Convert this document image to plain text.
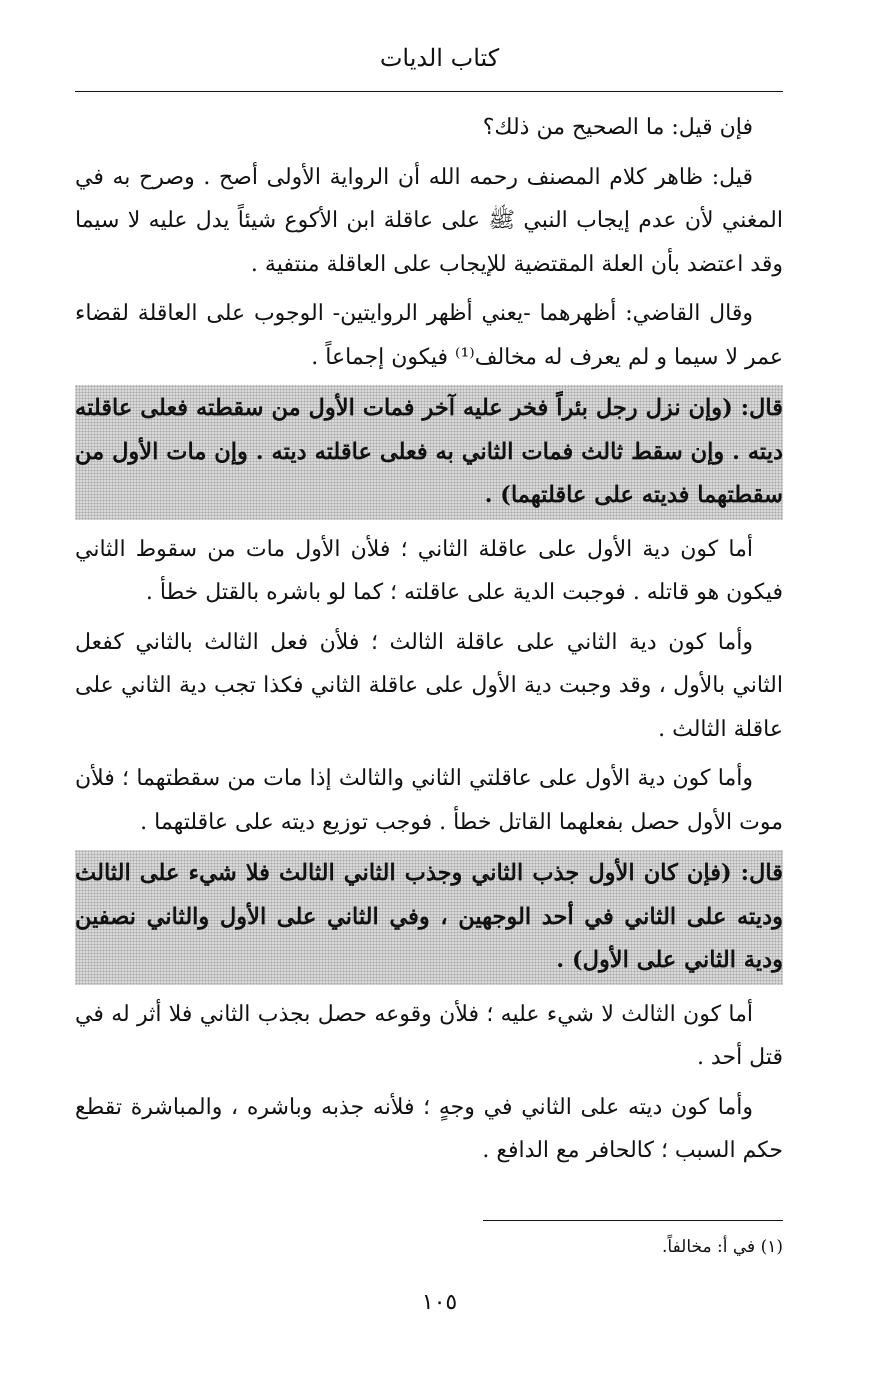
كتاب الديات

فإن قيل: ما الصحيح من ذلك؟

قيل: ظاهر كلام المصنف رحمه الله أن الرواية الأولى أصح . وصرح به في المغني لأن عدم إيجاب النبي ﷺ على عاقلة ابن الأكوع شيئاً يدل عليه لا سيما وقد اعتضد بأن العلة المقتضية للإيجاب على العاقلة منتفية .

وقال القاضي: أظهرهما -يعني أظهر الروايتين- الوجوب على العاقلة لقضاء عمر لا سيما و لم يعرف له مخالف⁽¹⁾ فيكون إجماعاً .

قال: (وإن نزل رجل بئراً فخر عليه آخر فمات الأول من سقطته فعلى عاقلته ديته . وإن سقط ثالث فمات الثاني به فعلى عاقلته ديته . وإن مات الأول من سقطتهما فديته على عاقلتهما) .

أما كون دية الأول على عاقلة الثاني ؛ فلأن الأول مات من سقوط الثاني فيكون هو قاتله . فوجبت الدية على عاقلته ؛ كما لو باشره بالقتل خطأ .

وأما كون دية الثاني على عاقلة الثالث ؛ فلأن فعل الثالث بالثاني كفعل الثاني بالأول ، وقد وجبت دية الأول على عاقلة الثاني فكذا تجب دية الثاني على عاقلة الثالث .

وأما كون دية الأول على عاقلتي الثاني والثالث إذا مات من سقطتهما ؛ فلأن موت الأول حصل بفعلهما القاتل خطأ . فوجب توزيع ديته على عاقلتهما .

قال: (فإن كان الأول جذب الثاني وجذب الثاني الثالث فلا شيء على الثالث وديته على الثاني في أحد الوجهين ، وفي الثاني على الأول والثاني نصفين ودية الثاني على الأول) .

أما كون الثالث لا شيء عليه ؛ فلأن وقوعه حصل بجذب الثاني فلا أثر له في قتل أحد .

وأما كون ديته على الثاني في وجهٍ ؛ فلأنه جذبه وباشره ، والمباشرة تقطع حكم السبب ؛ كالحافر مع الدافع .

(١) في أ: مخالفاً.
١٠٥
